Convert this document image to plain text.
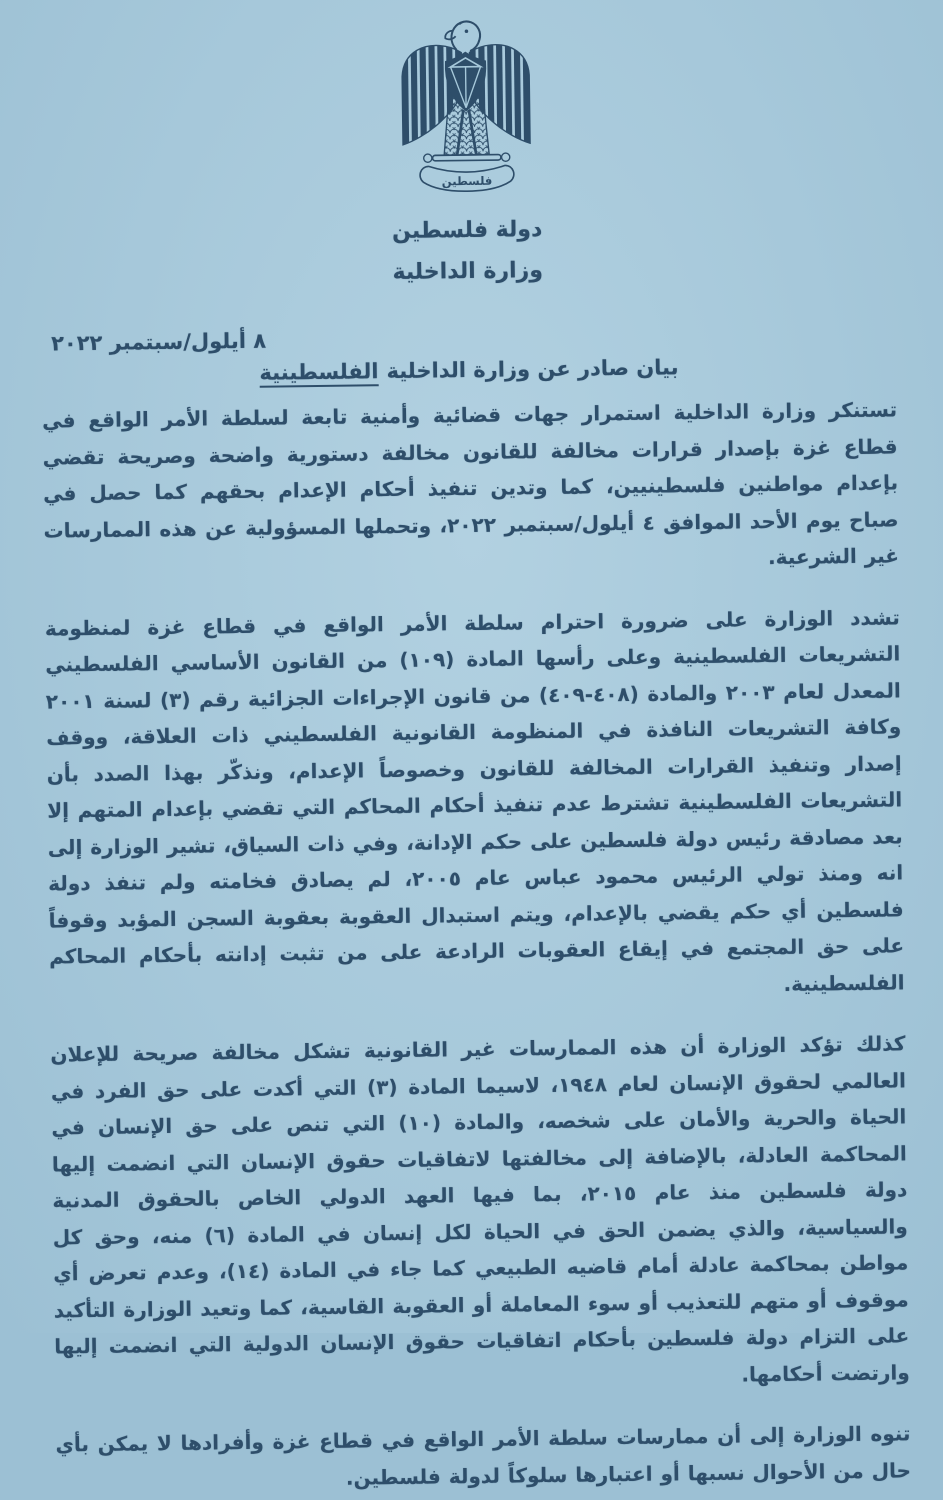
فلسطين
دولة فلسطين
وزارة الداخلية
٨ أيلول/سبتمبر ٢٠٢٢
بيان صادر عن وزارة الداخلية
الفلسطينية

تستنكر وزارة الداخلية استمرار جهات قضائية وأمنية تابعة لسلطة الأمر الواقع في قطاع غزة بإصدار قرارات مخالفة للقانون مخالفة دستورية واضحة وصريحة تقضي بإعدام مواطنين فلسطينيين، كما وتدين تنفيذ أحكام الإعدام بحقهم كما حصل في صباح يوم الأحد الموافق ٤ أيلول/سبتمبر ٢٠٢٢، وتحملها المسؤولية عن هذه الممارسات غير الشرعية.

تشدد الوزارة على ضرورة احترام سلطة الأمر الواقع في قطاع غزة لمنظومة التشريعات الفلسطينية وعلى رأسها المادة (١٠٩) من القانون الأساسي الفلسطيني المعدل لعام ٢٠٠٣ والمادة (٤٠٨-٤٠٩) من قانون الإجراءات الجزائية رقم (٣) لسنة ٢٠٠١ وكافة التشريعات النافذة في المنظومة القانونية الفلسطيني ذات العلاقة، ووقف إصدار وتنفيذ القرارات المخالفة للقانون وخصوصاً الإعدام، ونذكّر بهذا الصدد بأن التشريعات الفلسطينية تشترط عدم تنفيذ أحكام المحاكم التي تقضي بإعدام المتهم إلا بعد مصادقة رئيس دولة فلسطين على حكم الإدانة، وفي ذات السياق، تشير الوزارة إلى انه ومنذ تولي الرئيس محمود عباس عام ٢٠٠٥، لم يصادق فخامته ولم تنفذ دولة فلسطين أي حكم يقضي بالإعدام، ويتم استبدال العقوبة بعقوبة السجن المؤبد وقوفاً على حق المجتمع في إيقاع العقوبات الرادعة على من تثبت إدانته بأحكام المحاكم الفلسطينية.

كذلك تؤكد الوزارة أن هذه الممارسات غير القانونية تشكل مخالفة صريحة للإعلان العالمي لحقوق الإنسان لعام ١٩٤٨، لاسيما المادة (٣) التي أكدت على حق الفرد في الحياة والحرية والأمان على شخصه، والمادة (١٠) التي تنص على حق الإنسان في المحاكمة العادلة، بالإضافة إلى مخالفتها لاتفاقيات حقوق الإنسان التي انضمت إليها دولة فلسطين منذ عام ٢٠١٥، بما فيها العهد الدولي الخاص بالحقوق المدنية والسياسية، والذي يضمن الحق في الحياة لكل إنسان في المادة (٦) منه، وحق كل مواطن بمحاكمة عادلة أمام قاضيه الطبيعي كما جاء في المادة (١٤)، وعدم تعرض أي موقوف أو متهم للتعذيب أو سوء المعاملة أو العقوبة القاسية، كما وتعيد الوزارة التأكيد على التزام دولة فلسطين بأحكام اتفاقيات حقوق الإنسان الدولية التي انضمت إليها وارتضت أحكامها.

تنوه الوزارة إلى أن ممارسات سلطة الأمر الواقع في قطاع غزة وأفرادها لا يمكن بأي حال من الأحوال نسبها أو اعتبارها سلوكاً لدولة فلسطين.
